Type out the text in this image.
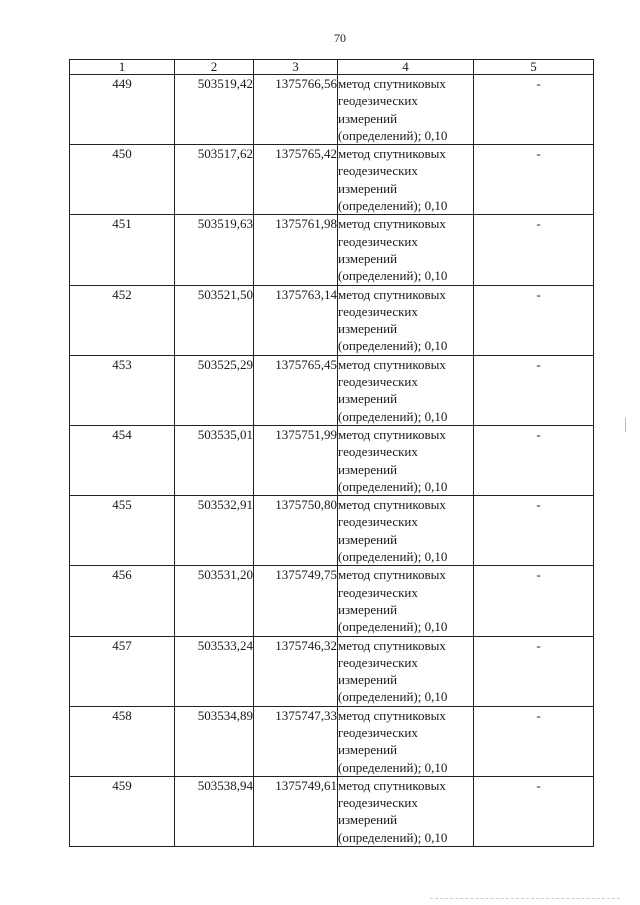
70
1	2	3	4	5
449	503519,42	1375766,56	метод спутниковых
геодезических
измерений
(определений); 0,10	-
450	503517,62	1375765,42	метод спутниковых
геодезических
измерений
(определений); 0,10	-
451	503519,63	1375761,98	метод спутниковых
геодезических
измерений
(определений); 0,10	-
452	503521,50	1375763,14	метод спутниковых
геодезических
измерений
(определений); 0,10	-
453	503525,29	1375765,45	метод спутниковых
геодезических
измерений
(определений); 0,10	-
454	503535,01	1375751,99	метод спутниковых
геодезических
измерений
(определений); 0,10	-
455	503532,91	1375750,80	метод спутниковых
геодезических
измерений
(определений); 0,10	-
456	503531,20	1375749,75	метод спутниковых
геодезических
измерений
(определений); 0,10	-
457	503533,24	1375746,32	метод спутниковых
геодезических
измерений
(определений); 0,10	-
458	503534,89	1375747,33	метод спутниковых
геодезических
измерений
(определений); 0,10	-
459	503538,94	1375749,61	метод спутниковых
геодезических
измерений
(определений); 0,10	-
